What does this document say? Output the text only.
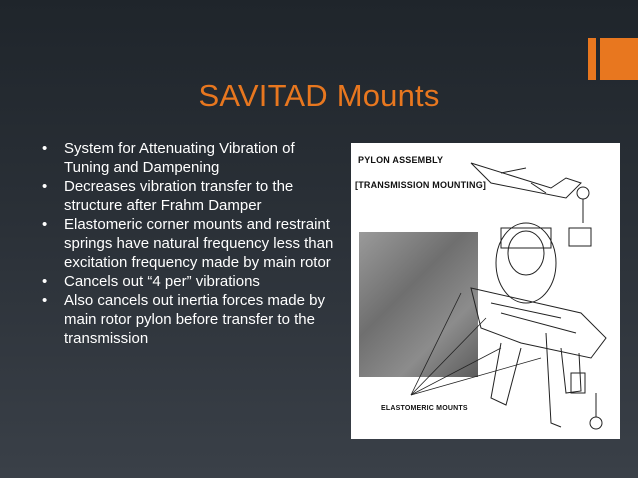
SAVITAD Mounts
• System for Attenuating Vibration of Tuning and Dampening
• Decreases vibration transfer to the structure after Frahm Damper
• Elastomeric corner mounts and restraint springs have natural frequency less than excitation frequency made by main rotor
• Cancels out “4 per” vibrations
• Also cancels out inertia forces made by main rotor pylon before transfer to the transmission
PYLON ASSEMBLY
[TRANSMISSION MOUNTING]
ELASTOMERIC MOUNTS
